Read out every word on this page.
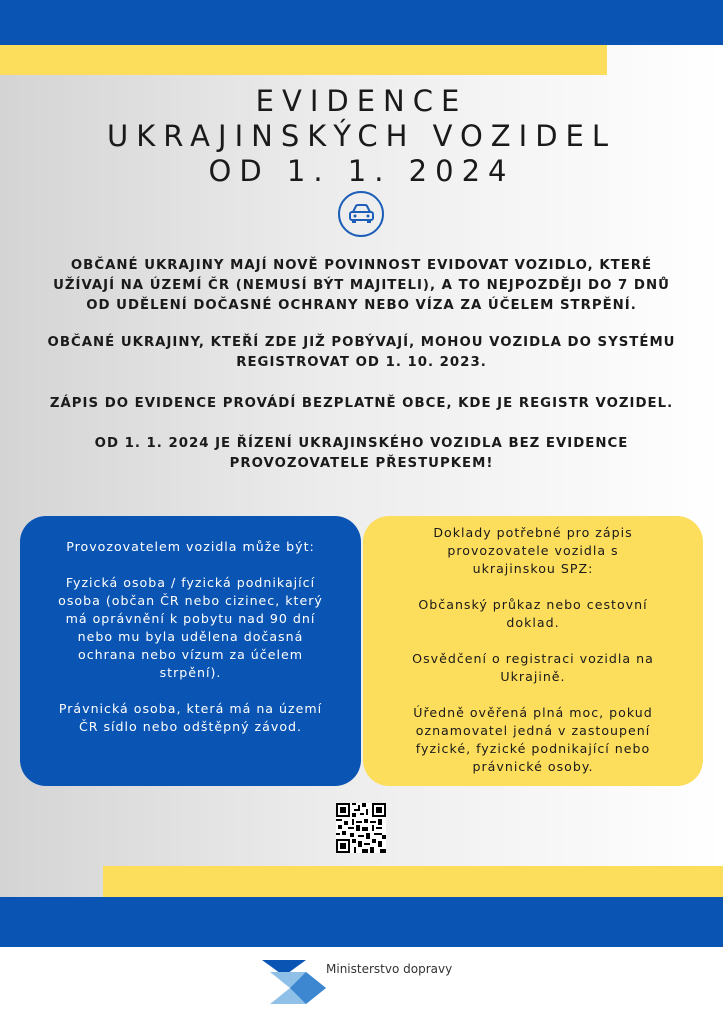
EVIDENCE
UKRAJINSKÝCH VOZIDEL
OD 1. 1. 2024
OBČANÉ UKRAJINY MAJÍ NOVĚ POVINNOST EVIDOVAT VOZIDLO, KTERÉ
UŽÍVAJÍ NA ÚZEMÍ ČR (NEMUSÍ BÝT MAJITELI), A TO NEJPOZDĚJI DO 7 DNŮ
OD UDĚLENÍ DOČASNÉ OCHRANY NEBO VÍZA ZA ÚČELEM STRPĚNÍ.
OBČANÉ UKRAJINY, KTEŘÍ ZDE JIŽ POBÝVAJÍ, MOHOU VOZIDLA DO SYSTÉMU
REGISTROVAT OD 1. 10. 2023.
ZÁPIS DO EVIDENCE PROVÁDÍ BEZPLATNĚ OBCE, KDE JE REGISTR VOZIDEL.
OD 1. 1. 2024 JE ŘÍZENÍ UKRAJINSKÉHO VOZIDLA BEZ EVIDENCE
PROVOZOVATELE PŘESTUPKEM!
Provozovatelem vozidla může být:
Fyzická osoba / fyzická podnikající
osoba (občan ČR nebo cizinec, který
má oprávnění k pobytu nad 90 dní
nebo mu byla udělena dočasná
ochrana nebo vízum za účelem
strpění).
Právnická osoba, která má na území
ČR sídlo nebo odštěpný závod.
Doklady potřebné pro zápis
provozovatele vozidla s
ukrajinskou SPZ:
Občanský průkaz nebo cestovní
doklad.
Osvědčení o registraci vozidla na
Ukrajině.
Úředně ověřená plná moc, pokud
oznamovatel jedná v zastoupení
fyzické, fyzické podnikající nebo
právnické osoby.
Ministerstvo dopravy
